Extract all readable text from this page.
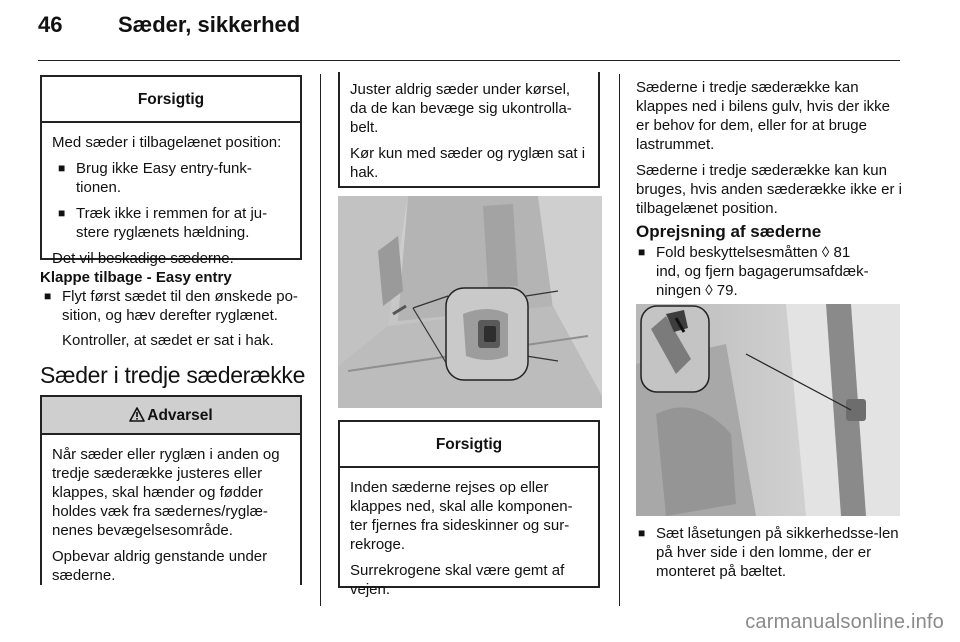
46	Sæder, sikkerhed
Forsigtig

Med sæder i tilbagelænet position:

■ Brug ikke Easy entry-funk-tionen.

■ Træk ikke i remmen for at ju-stere ryglænets hældning.

Det vil beskadige sæderne.

Klappe tilbage - Easy entry

■ Flyt først sædet til den ønskede po-sition, og hæv derefter ryglænet.

Kontroller, at sædet er sat i hak.

Sæder i tredje sæderække
Advarsel

Når sæder eller ryglæn i anden og tredje sæderække justeres eller klappes, skal hænder og fødder holdes væk fra sædernes/ryglæ-nenes bevægelsesområde.

Opbevar aldrig genstande under sæderne.

Juster aldrig sæder under kørsel, da de kan bevæge sig ukontrolla-belt.

Kør kun med sæder og ryglæn sat i hak.

Forsigtig

Inden sæderne rejses op eller klappes ned, skal alle komponen-ter fjernes fra sideskinner og sur-rekroge.

Surrekrogene skal være gemt af vejen.

Sæderne i tredje sæderække kan klappes ned i bilens gulv, hvis der ikke er behov for dem, eller for at bruge lastrummet.

Sæderne i tredje sæderække kan kun bruges, hvis anden sæderække ikke er i tilbagelænet position.

Oprejsning af sæderne

■ Fold beskyttelsesmåtten ◊ 81
ind, og fjern bagagerumsafdæk-ningen ◊ 79.

■ Sæt låsetungen på sikkerhedsse-len på hver side i den lomme, der er monteret på bæltet.

carmanualsonline.info
